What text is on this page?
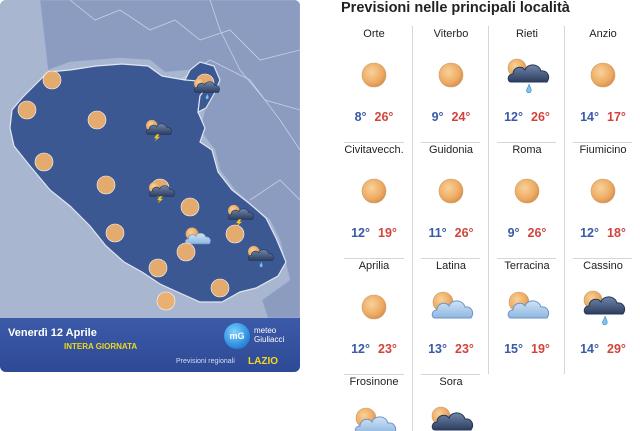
Venerdì 12 Aprile
INTERA GIORNATA
mG
meteo
Giuliacci
Previsioni regionali LAZIO
Previsioni nelle principali località
Orte
8° 26°
Viterbo
9° 24°
Rieti
12° 26°
Anzio
14° 17°
Civitavecch.
12° 19°
Guidonia
11° 26°
Roma
9° 26°
Fiumicino
12° 18°
Aprilia
12° 23°
Latina
13° 23°
Terracina
15° 19°
Cassino
14° 29°
Frosinone	Sora
